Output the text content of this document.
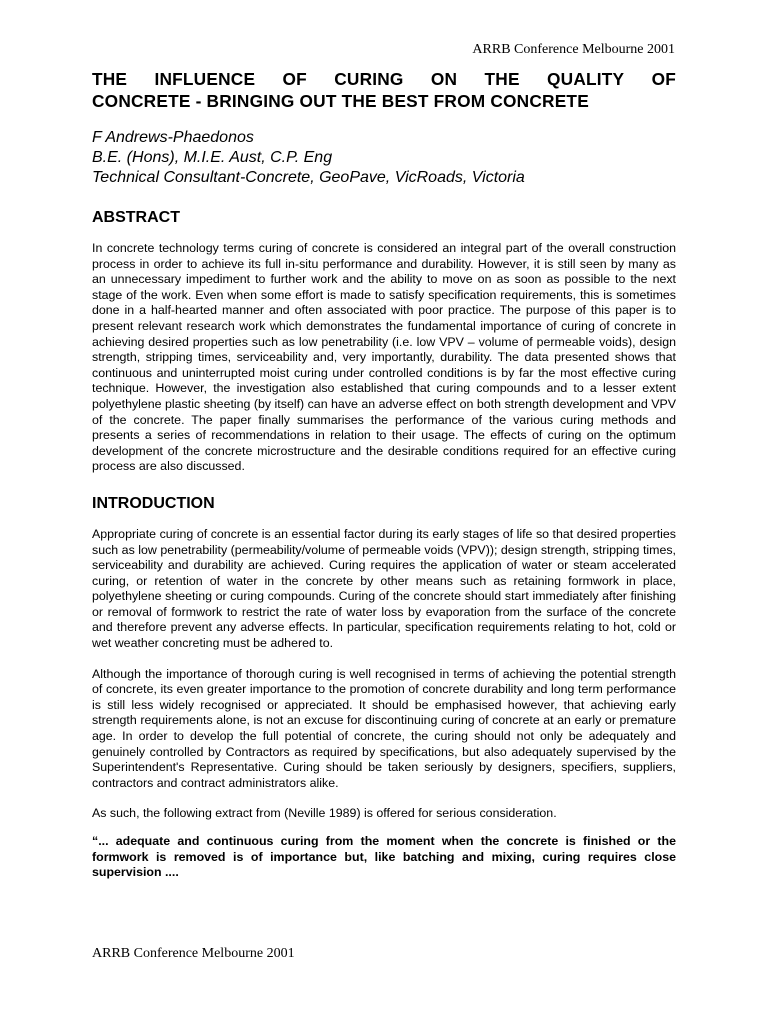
ARRB Conference Melbourne 2001
THE INFLUENCE OF CURING ON THE QUALITY OF
CONCRETE - BRINGING OUT THE BEST FROM CONCRETE
F Andrews-Phaedonos
B.E. (Hons), M.I.E. Aust, C.P. Eng
Technical Consultant-Concrete, GeoPave, VicRoads, Victoria
ABSTRACT

In concrete technology terms curing of concrete is considered an integral part of the overall construction process in order to achieve its full in-situ performance and durability. However, it is still seen by many as an unnecessary impediment to further work and the ability to move on as soon as possible to the next stage of the work. Even when some effort is made to satisfy specification requirements, this is sometimes done in a half-hearted manner and often associated with poor practice. The purpose of this paper is to present relevant research work which demonstrates the fundamental importance of curing of concrete in achieving desired properties such as low penetrability (i.e. low VPV – volume of permeable voids), design strength, stripping times, serviceability and, very importantly, durability. The data presented shows that continuous and uninterrupted moist curing under controlled conditions is by far the most effective curing technique. However, the investigation also established that curing compounds and to a lesser extent polyethylene plastic sheeting (by itself) can have an adverse effect on both strength development and VPV of the concrete. The paper finally summarises the performance of the various curing methods and presents a series of recommendations in relation to their usage. The effects of curing on the optimum development of the concrete microstructure and the desirable conditions required for an effective curing process are also discussed.

INTRODUCTION

Appropriate curing of concrete is an essential factor during its early stages of life so that desired properties such as low penetrability (permeability/volume of permeable voids (VPV)); design strength, stripping times, serviceability and durability are achieved. Curing requires the application of water or steam accelerated curing, or retention of water in the concrete by other means such as retaining formwork in place, polyethylene sheeting or curing compounds. Curing of the concrete should start immediately after finishing or removal of formwork to restrict the rate of water loss by evaporation from the surface of the concrete and therefore prevent any adverse effects. In particular, specification requirements relating to hot, cold or wet weather concreting must be adhered to.

Although the importance of thorough curing is well recognised in terms of achieving the potential strength of concrete, its even greater importance to the promotion of concrete durability and long term performance is still less widely recognised or appreciated. It should be emphasised however, that achieving early strength requirements alone, is not an excuse for discontinuing curing of concrete at an early or premature age. In order to develop the full potential of concrete, the curing should not only be adequately and genuinely controlled by Contractors as required by specifications, but also adequately supervised by the Superintendent's Representative. Curing should be taken seriously by designers, specifiers, suppliers, contractors and contract administrators alike.

As such, the following extract from (Neville 1989) is offered for serious consideration.

“... adequate and continuous curing from the moment when the concrete is finished or the formwork is removed is of importance but, like batching and mixing, curing requires close supervision ....
ARRB Conference Melbourne 2001
